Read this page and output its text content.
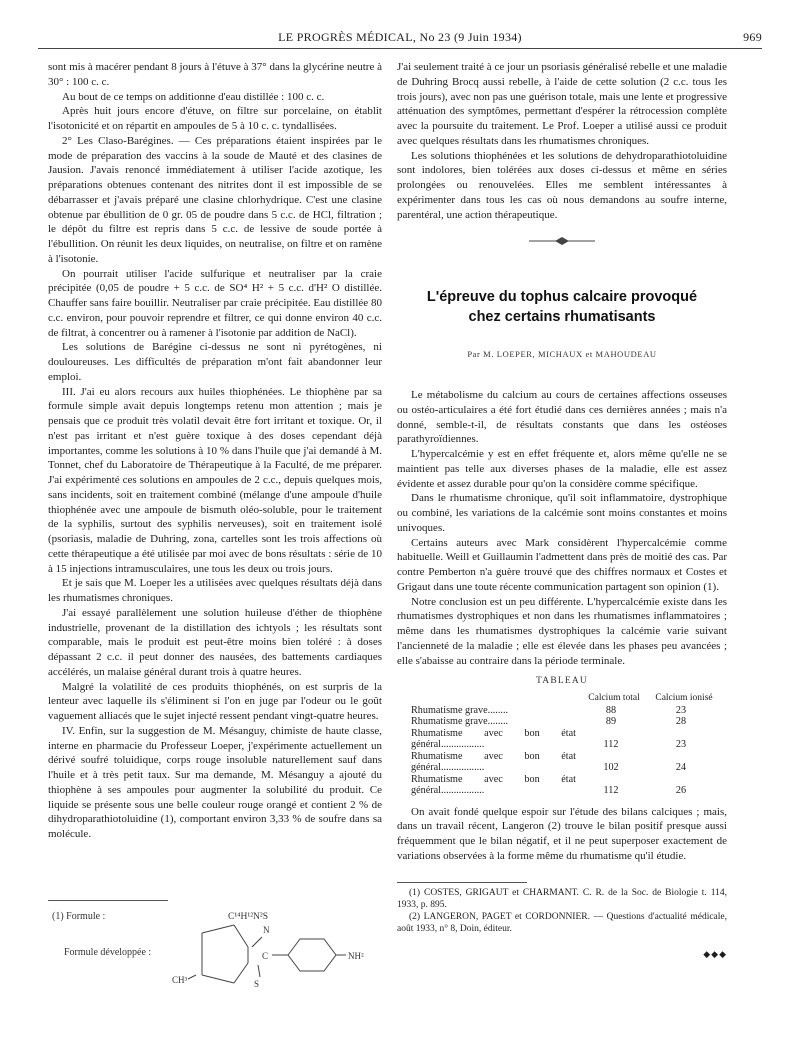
LE PROGRÈS MÉDICAL, No 23 (9 Juin 1934)	969

sont mis à macérer pendant 8 jours à l'étuve à 37° dans la glycérine neutre à 30° : 100 c. c.

Au bout de ce temps on additionne d'eau distillée : 100 c. c.

Après huit jours encore d'étuve, on filtre sur porcelaine, on établit l'isotonicité et on répartit en ampoules de 5 à 10 c. c. tyndallisées.

2° Les Claso-Barégines. — Ces préparations étaient inspirées par le mode de préparation des vaccins à la soude de Mauté et des clasines de Jausion. J'avais renoncé immédiatement à utiliser l'acide azotique, les préparations obtenues contenant des nitrites dont il est impossible de se débarrasser et j'avais préparé une clasine chlorhydrique. C'est une clasine obtenue par ébullition de 0 gr. 05 de poudre dans 5 c.c. de HCl, filtration ; le dépôt du filtre est repris dans 5 c.c. de lessive de soude portée à l'ébullition. On réunit les deux liquides, on neutralise, on filtre et on ramène à l'isotonie.

On pourrait utiliser l'acide sulfurique et neutraliser par la craie précipitée (0,05 de poudre + 5 c.c. de SO⁴ H² + 5 c.c. d'H² O distillée. Chauffer sans faire bouillir. Neutraliser par craie précipitée. Eau distillée 80 c.c. environ, pour pouvoir reprendre et filtrer, ce qui donne environ 40 c.c. de filtrat, à concentrer ou à ramener à l'isotonie par addition de NaCl).

Les solutions de Barégine ci-dessus ne sont ni pyrétogènes, ni douloureuses. Les difficultés de préparation m'ont fait abandonner leur emploi.

III. J'ai eu alors recours aux huiles thiophénées. Le thiophène par sa formule simple avait depuis longtemps retenu mon attention ; mais je pensais que ce produit très volatil devait être fort irritant et toxique. Or, il n'est pas irritant et n'est guère toxique à des doses cependant déjà importantes, comme les solutions à 10 % dans l'huile que j'ai demandé à M. Tonnet, chef du Laboratoire de Thérapeutique à la Faculté, de me préparer. J'ai expérimenté ces solutions en ampoules de 2 c.c., depuis quelques mois, sans incidents, soit en traitement combiné (mélange d'une ampoule d'huile thiophénée avec une ampoule de bismuth oléo-soluble, pour le traitement de la syphilis, surtout des syphilis nerveuses), soit en traitement isolé (psoriasis, maladie de Duhring, zona, cartelles sont les trois affections où cette thérapeutique a été utilisée par moi avec de bons résultats : série de 10 à 15 injections intramusculaires, une tous les deux ou trois jours.

Et je sais que M. Loeper les a utilisées avec quelques résultats déjà dans les rhumatismes chroniques.

J'ai essayé parallèlement une solution huileuse d'éther de thiophène industrielle, provenant de la distillation des ichtyols ; les résultats sont comparable, mais le produit est peut-être moins bien toléré : à doses dépassant 2 c.c. il peut donner des nausées, des battements cardiaques accélérés, un malaise général durant trois à quatre heures.

Malgré la volatilité de ces produits thiophénés, on est surpris de la lenteur avec laquelle ils s'éliminent si l'on en juge par l'odeur ou le goût vaguement alliacés que le sujet injecté ressent pendant vingt-quatre heures.

IV. Enfin, sur la suggestion de M. Mésanguy, chimiste de haute classe, interne en pharmacie du Professeur Loeper, j'expérimente actuellement un dérivé soufré toluidique, corps rouge insoluble naturellement sauf dans l'huile et à très petit taux. Sur ma demande, M. Mésanguy a ajouté du thiophène à ses ampoules pour augmenter la solubilité du produit. Ce liquide se présente sous une belle couleur rouge orangé et contient 2 % de dihydroparathiotoluidine (1), comportant environ 3,33 % de soufre dans sa molécule.

(1) Formule :	C¹⁴H¹²N²S
Formule développée :
N
C
S
CH³
NH²

J'ai seulement traité à ce jour un psoriasis généralisé rebelle et une maladie de Duhring Brocq aussi rebelle, à l'aide de cette solution (2 c.c. tous les trois jours), avec non pas une guérison totale, mais une lente et progressive atténuation des symptômes, permettant d'espérer la rétrocession complète avec la poursuite du traitement. Le Prof. Loeper a utilisé aussi ce produit avec quelques résultats dans les rhumatismes chroniques.

Les solutions thiophénées et les solutions de dehydroparathiotoluidine sont indolores, bien tolérées aux doses ci-dessus et même en séries prolongées ou renouvelées. Elles me semblent intéressantes à expérimenter dans tous les cas où nous demandons au soufre interne, parentéral, une action thérapeutique.

L'épreuve du tophus calcaire provoqué
chez certains rhumatisants
Par M. LOEPER, MICHAUX et MAHOUDEAU

Le métabolisme du calcium au cours de certaines affections osseuses ou ostéo-articulaires a été fort étudié dans ces dernières années ; mais n'a donné, semble-t-il, de résultats constants que dans les ostéoses parathyroïdiennes.

L'hypercalcémie y est en effet fréquente et, alors même qu'elle ne se maintient pas telle aux diverses phases de la maladie, elle est assez évidente et assez durable pour qu'on la considère comme spécifique.

Dans le rhumatisme chronique, qu'il soit inflammatoire, dystrophique ou combiné, les variations de la calcémie sont moins constantes et moins univoques.

Certains auteurs avec Mark considèrent l'hypercalcémie comme habituelle. Weill et Guillaumin l'admettent dans près de moitié des cas. Par contre Pemberton n'a guère trouvé que des chiffres normaux et Costes et Grigaut dans une toute récente communication partagent son opinion (1).

Notre conclusion est un peu différente. L'hypercalcémie existe dans les rhumatismes dystrophiques et non dans les rhumatismes inflammatoires ; même dans les rhumatismes dystrophiques la calcémie varie suivant l'ancienneté de la maladie ; elle est élevée dans les phases peu avancées ; elle s'abaisse au contraire dans la période terminale.

TABLEAU
	Calcium total	Calcium ionisé
Rhumatisme grave........	88	23
Rhumatisme grave........	89	28
Rhumatisme avec bon état général.................	112	23
Rhumatisme avec bon état général.................	102	24
Rhumatisme avec bon état général.................	112	26

On avait fondé quelque espoir sur l'étude des bilans calciques ; mais, dans un travail récent, Langeron (2) trouve le bilan positif presque aussi fréquemment que le bilan négatif, et il ne peut superposer exactement de variations observées à la forme même du rhumatisme qu'il étudie.

(1) COSTES, GRIGAUT et CHARMANT. C. R. de la Soc. de Biologie t. 114, 1933, p. 895.
(2) LANGERON, PAGET et CORDONNIER. — Questions d'actualité médicale, août 1933, n° 8, Doin, éditeur.
◆◆◆
